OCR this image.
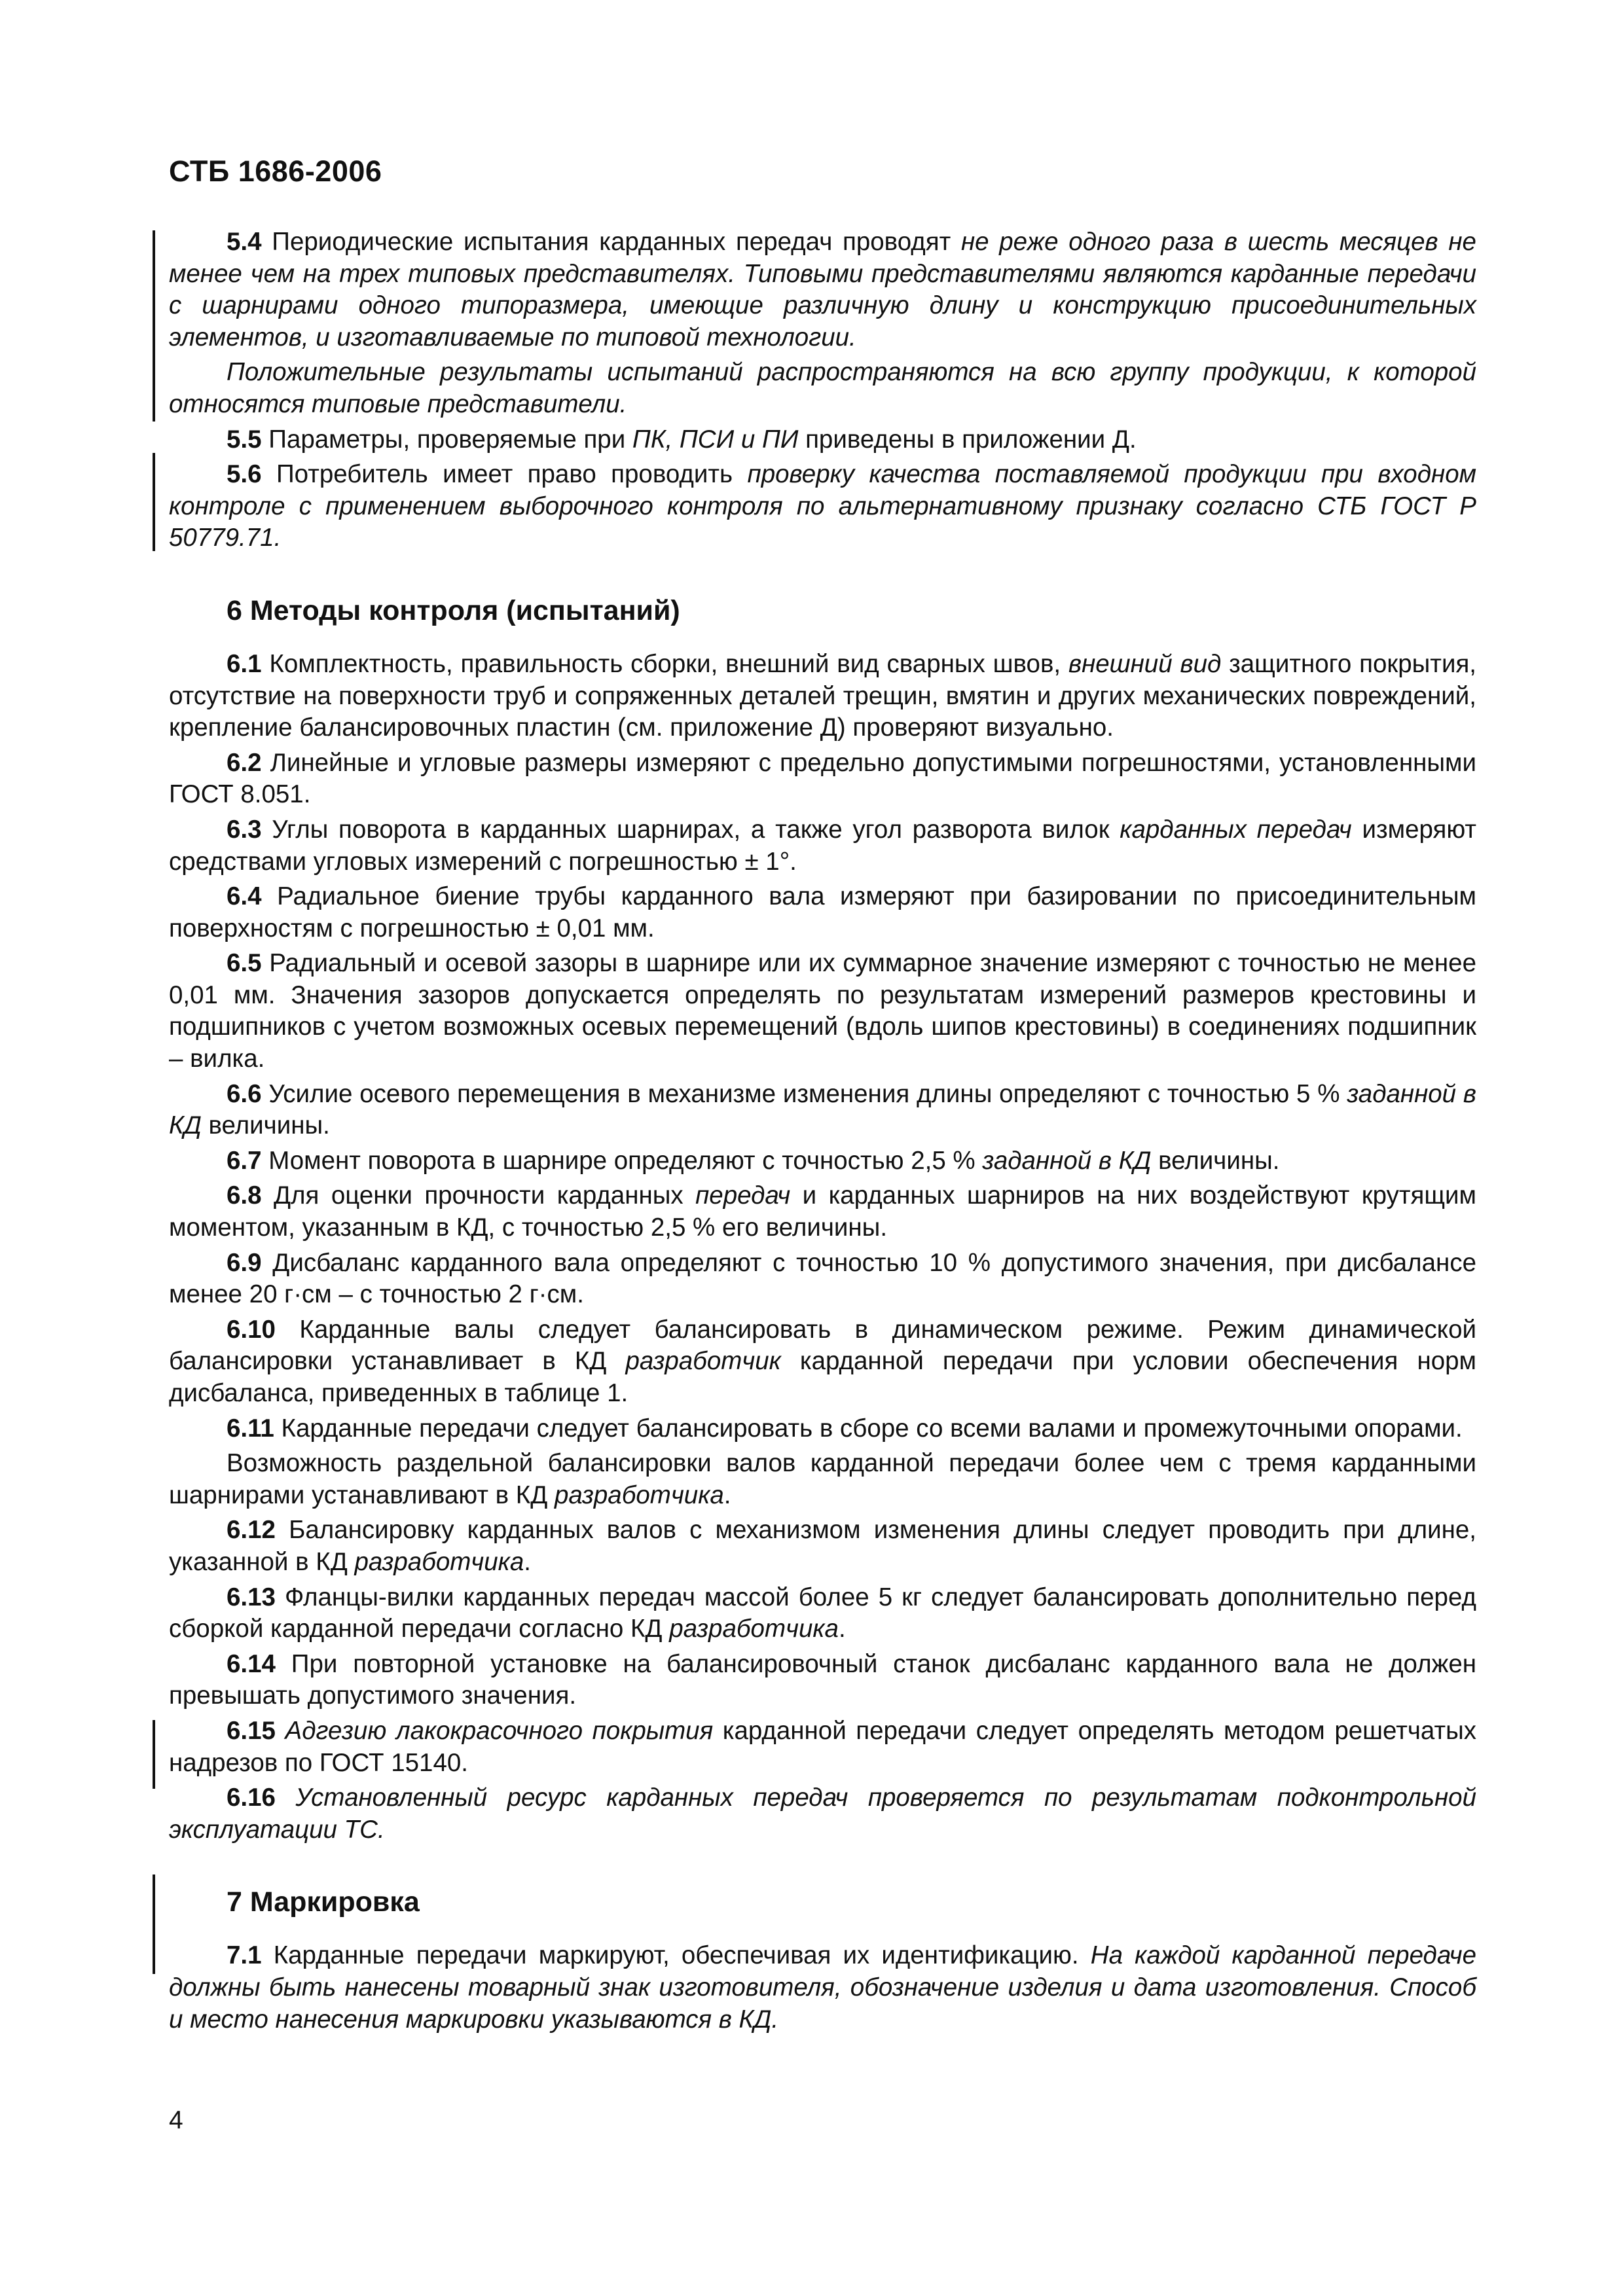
СТБ 1686-2006

5.4 Периодические испытания карданных передач проводят не реже одного раза в шесть месяцев не менее чем на трех типовых представителях. Типовыми представителями являются карданные передачи с шарнирами одного типоразмера, имеющие различную длину и конструкцию присоединительных элементов, и изготавливаемые по типовой технологии.

Положительные результаты испытаний распространяются на всю группу продукции, к которой относятся типовые представители.

5.5 Параметры, проверяемые при ПК, ПСИ и ПИ приведены в приложении Д.

5.6 Потребитель имеет право проводить проверку качества поставляемой продукции при входном контроле с применением выборочного контроля по альтернативному признаку согласно СТБ ГОСТ Р 50779.71.

6 Методы контроля (испытаний)

6.1 Комплектность, правильность сборки, внешний вид сварных швов, внешний вид защитного покрытия, отсутствие на поверхности труб и сопряженных деталей трещин, вмятин и других механических повреждений, крепление балансировочных пластин (см. приложение Д) проверяют визуально.

6.2 Линейные и угловые размеры измеряют с предельно допустимыми погрешностями, установленными ГОСТ 8.051.

6.3 Углы поворота в карданных шарнирах, а также угол разворота вилок карданных передач измеряют средствами угловых измерений с погрешностью ± 1°.

6.4 Радиальное биение трубы карданного вала измеряют при базировании по присоединительным поверхностям с погрешностью ± 0,01 мм.

6.5 Радиальный и осевой зазоры в шарнире или их суммарное значение измеряют с точностью не менее 0,01 мм. Значения зазоров допускается определять по результатам измерений размеров крестовины и подшипников с учетом возможных осевых перемещений (вдоль шипов крестовины) в соединениях подшипник – вилка.

6.6 Усилие осевого перемещения в механизме изменения длины определяют с точностью 5 % заданной в КД величины.

6.7 Момент поворота в шарнире определяют с точностью 2,5 % заданной в КД величины.

6.8 Для оценки прочности карданных передач и карданных шарниров на них воздействуют крутящим моментом, указанным в КД, с точностью 2,5 % его величины.

6.9 Дисбаланс карданного вала определяют с точностью 10 % допустимого значения, при дисбалансе менее 20 г·см – с точностью 2 г·см.

6.10 Карданные валы следует балансировать в динамическом режиме. Режим динамической балансировки устанавливает в КД разработчик карданной передачи при условии обеспечения норм дисбаланса, приведенных в таблице 1.

6.11 Карданные передачи следует балансировать в сборе со всеми валами и промежуточными опорами.

Возможность раздельной балансировки валов карданной передачи более чем с тремя карданными шарнирами устанавливают в КД разработчика.

6.12 Балансировку карданных валов с механизмом изменения длины следует проводить при длине, указанной в КД разработчика.

6.13 Фланцы-вилки карданных передач массой более 5 кг следует балансировать дополнительно перед сборкой карданной передачи согласно КД разработчика.

6.14 При повторной установке на балансировочный станок дисбаланс карданного вала не должен превышать допустимого значения.

6.15 Адгезию лакокрасочного покрытия карданной передачи следует определять методом решетчатых надрезов по ГОСТ 15140.

6.16 Установленный ресурс карданных передач проверяется по результатам подконтрольной эксплуатации ТС.

7 Маркировка

7.1 Карданные передачи маркируют, обеспечивая их идентификацию. На каждой карданной передаче должны быть нанесены товарный знак изготовителя, обозначение изделия и дата изготовления. Способ и место нанесения маркировки указываются в КД.

4
